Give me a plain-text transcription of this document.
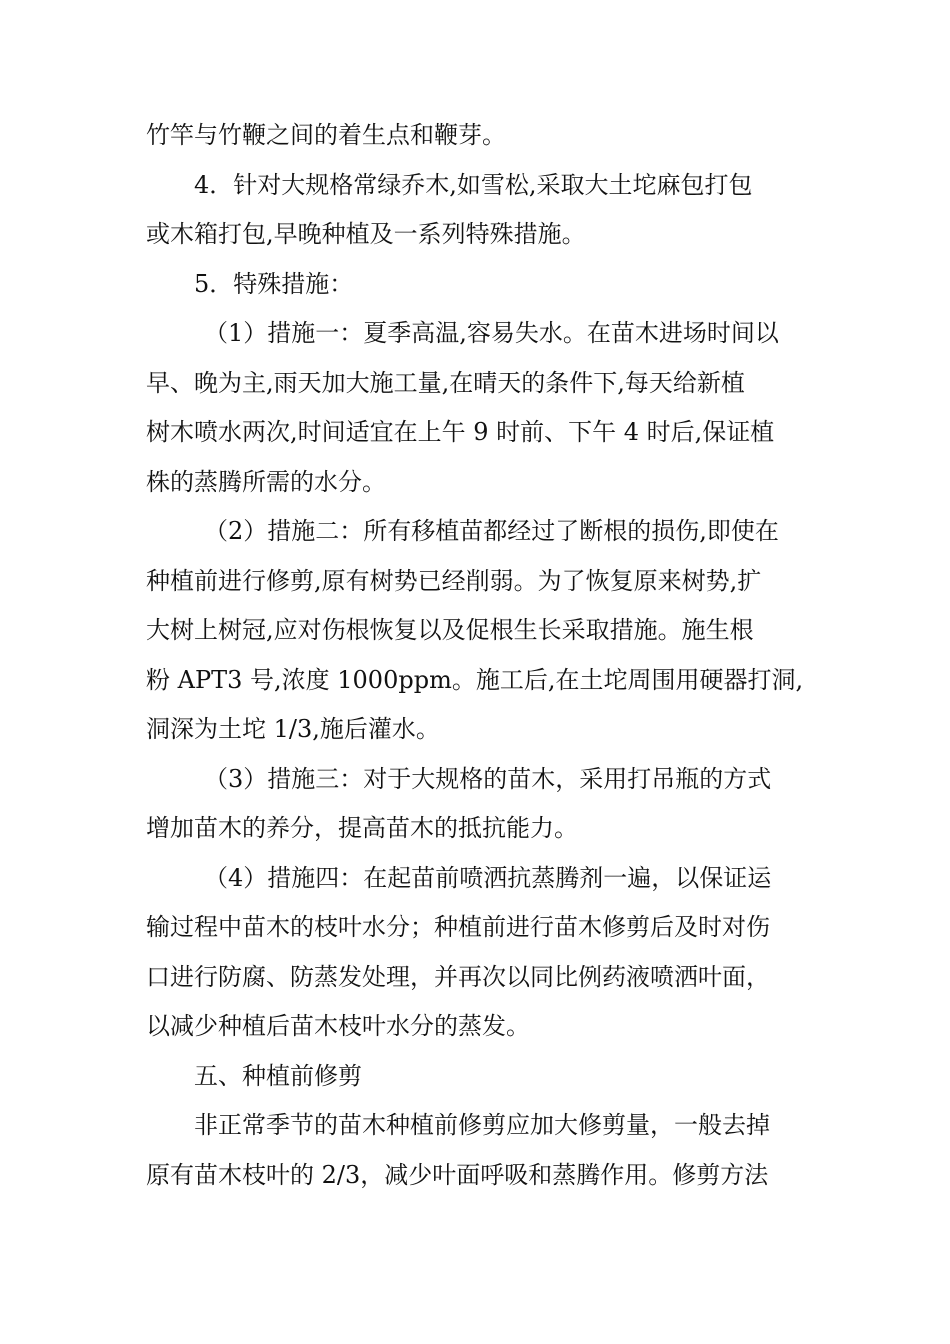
竹竿与竹鞭之间的着生点和鞭芽。
4．针对大规格常绿乔木,如雪松,采取大土坨麻包打包
或木箱打包,早晚种植及一系列特殊措施。
5．特殊措施：
（1）措施一：夏季高温,容易失水。在苗木进场时间以
早、晚为主,雨天加大施工量,在晴天的条件下,每天给新植
树木喷水两次,时间适宜在上午 9 时前、下午 4 时后,保证植
株的蒸腾所需的水分。
（2）措施二：所有移植苗都经过了断根的损伤,即使在
种植前进行修剪,原有树势已经削弱。为了恢复原来树势,扩
大树上树冠,应对伤根恢复以及促根生长采取措施。施生根
粉 APT3 号,浓度 1000ppm。施工后,在土坨周围用硬器打洞,
洞深为土坨 1/3,施后灌水。
（3）措施三：对于大规格的苗木，采用打吊瓶的方式
增加苗木的养分，提高苗木的抵抗能力。
（4）措施四：在起苗前喷洒抗蒸腾剂一遍，以保证运
输过程中苗木的枝叶水分；种植前进行苗木修剪后及时对伤
口进行防腐、防蒸发处理，并再次以同比例药液喷洒叶面，
以减少种植后苗木枝叶水分的蒸发。
五、种植前修剪
非正常季节的苗木种植前修剪应加大修剪量，一般去掉
原有苗木枝叶的 2/3，减少叶面呼吸和蒸腾作用。修剪方法
